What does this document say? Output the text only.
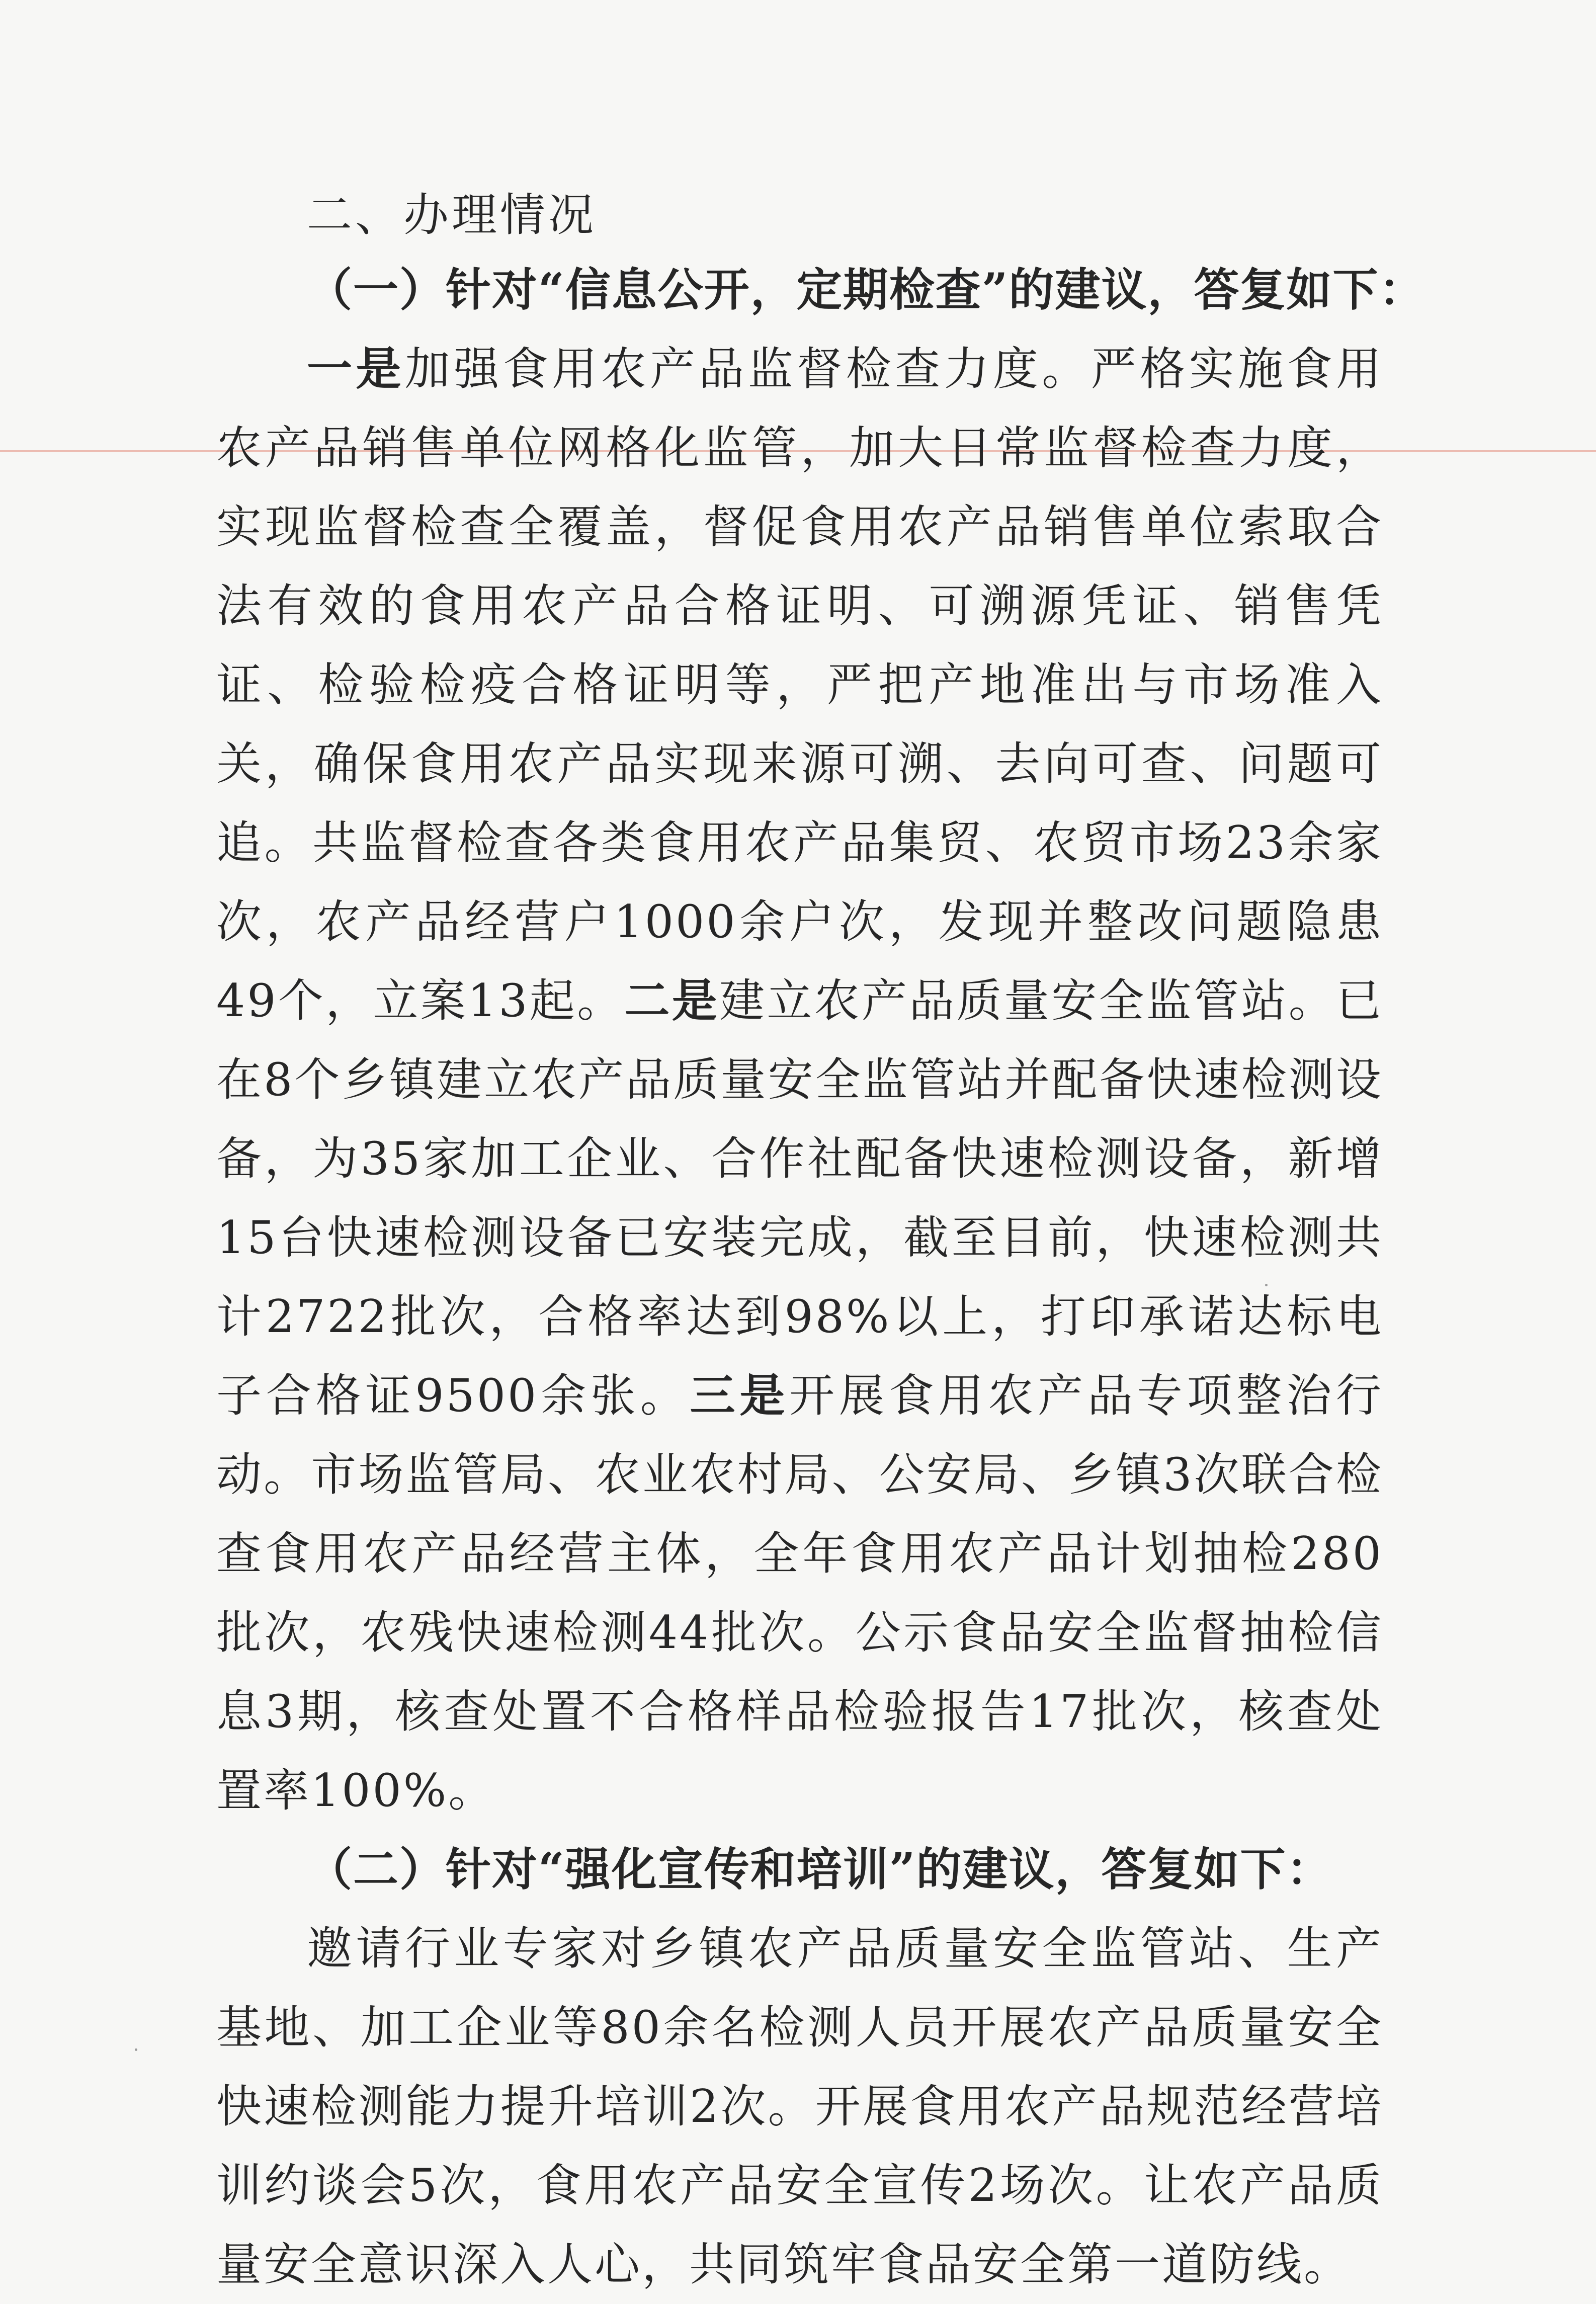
二、办理情况

（一）针对“信息公开，定期检查”的建议，答复如下：

一是加强食用农产品监督检查力度。严格实施食用农产品销售单位网格化监管，加大日常监督检查力度，实现监督检查全覆盖，督促食用农产品销售单位索取合法有效的食用农产品合格证明、可溯源凭证、销售凭证、检验检疫合格证明等，严把产地准出与市场准入关，确保食用农产品实现来源可溯、去向可查、问题可追。共监督检查各类食用农产品集贸、农贸市场23余家次，农产品经营户1000余户次，发现并整改问题隐患49个，立案13起。二是建立农产品质量安全监管站。已在8个乡镇建立农产品质量安全监管站并配备快速检测设备，为35家加工企业、合作社配备快速检测设备，新增15台快速检测设备已安装完成，截至目前，快速检测共计2722批次，合格率达到98%以上，打印承诺达标电子合格证9500余张。三是开展食用农产品专项整治行动。市场监管局、农业农村局、公安局、乡镇3次联合检查食用农产品经营主体，全年食用农产品计划抽检280批次，农残快速检测44批次。公示食品安全监督抽检信息3期，核查处置不合格样品检验报告17批次，核查处置率100%。

（二）针对“强化宣传和培训”的建议，答复如下：

邀请行业专家对乡镇农产品质量安全监管站、生产基地、加工企业等80余名检测人员开展农产品质量安全快速检测能力提升培训2次。开展食用农产品规范经营培训约谈会5次，食用农产品安全宣传2场次。让农产品质量安全意识深入人心，共同筑牢食品安全第一道防线。
